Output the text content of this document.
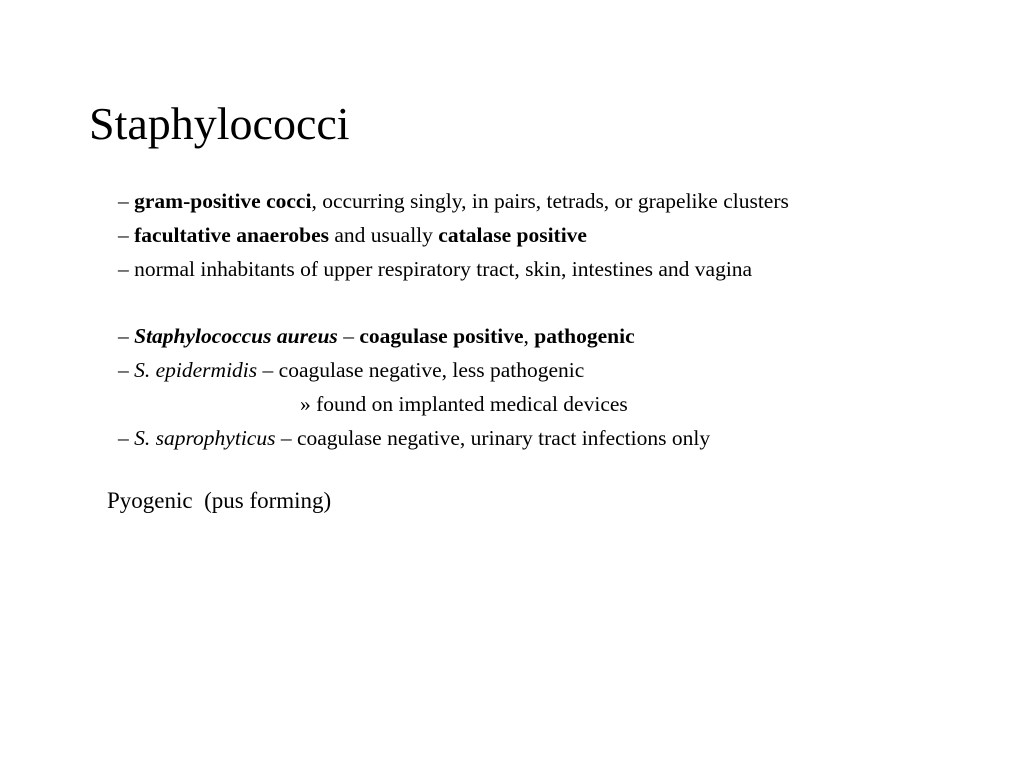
Staphylococci
– gram-positive cocci, occurring singly, in pairs, tetrads, or grapelike clusters
– facultative anaerobes and usually catalase positive
– normal inhabitants of upper respiratory tract, skin, intestines and vagina
– Staphylococcus aureus – coagulase positive, pathogenic
– S. epidermidis – coagulase negative, less pathogenic
» found on implanted medical devices
– S. saprophyticus – coagulase negative, urinary tract infections only
Pyogenic  (pus forming)
